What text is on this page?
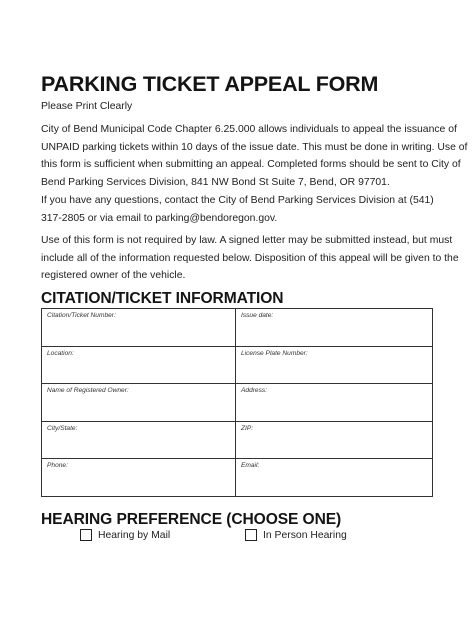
PARKING TICKET APPEAL FORM
Please Print Clearly
City of Bend Municipal Code Chapter 6.25.000 allows individuals to appeal the issuance of
UNPAID parking tickets within 10 days of the issue date. This must be done in writing. Use of
this form is sufficient when submitting an appeal. Completed forms should be sent to City of
Bend Parking Services Division, 841 NW Bond St Suite 7, Bend, OR 97701.
If you have any questions, contact the City of Bend Parking Services Division at (541)
317-2805 or via email to parking@bendoregon.gov.
Use of this form is not required by law. A signed letter may be submitted instead, but must
include all of the information requested below. Disposition of this appeal will be given to the
registered owner of the vehicle.
CITATION/TICKET INFORMATION
Citation/Ticket Number:	Issue date:
Location:	License Plate Number:
Name of Registered Owner:	Address:
City/State:	ZIP:
Phone:	Email:
HEARING PREFERENCE (CHOOSE ONE)
Hearing by Mail	In Person Hearing
